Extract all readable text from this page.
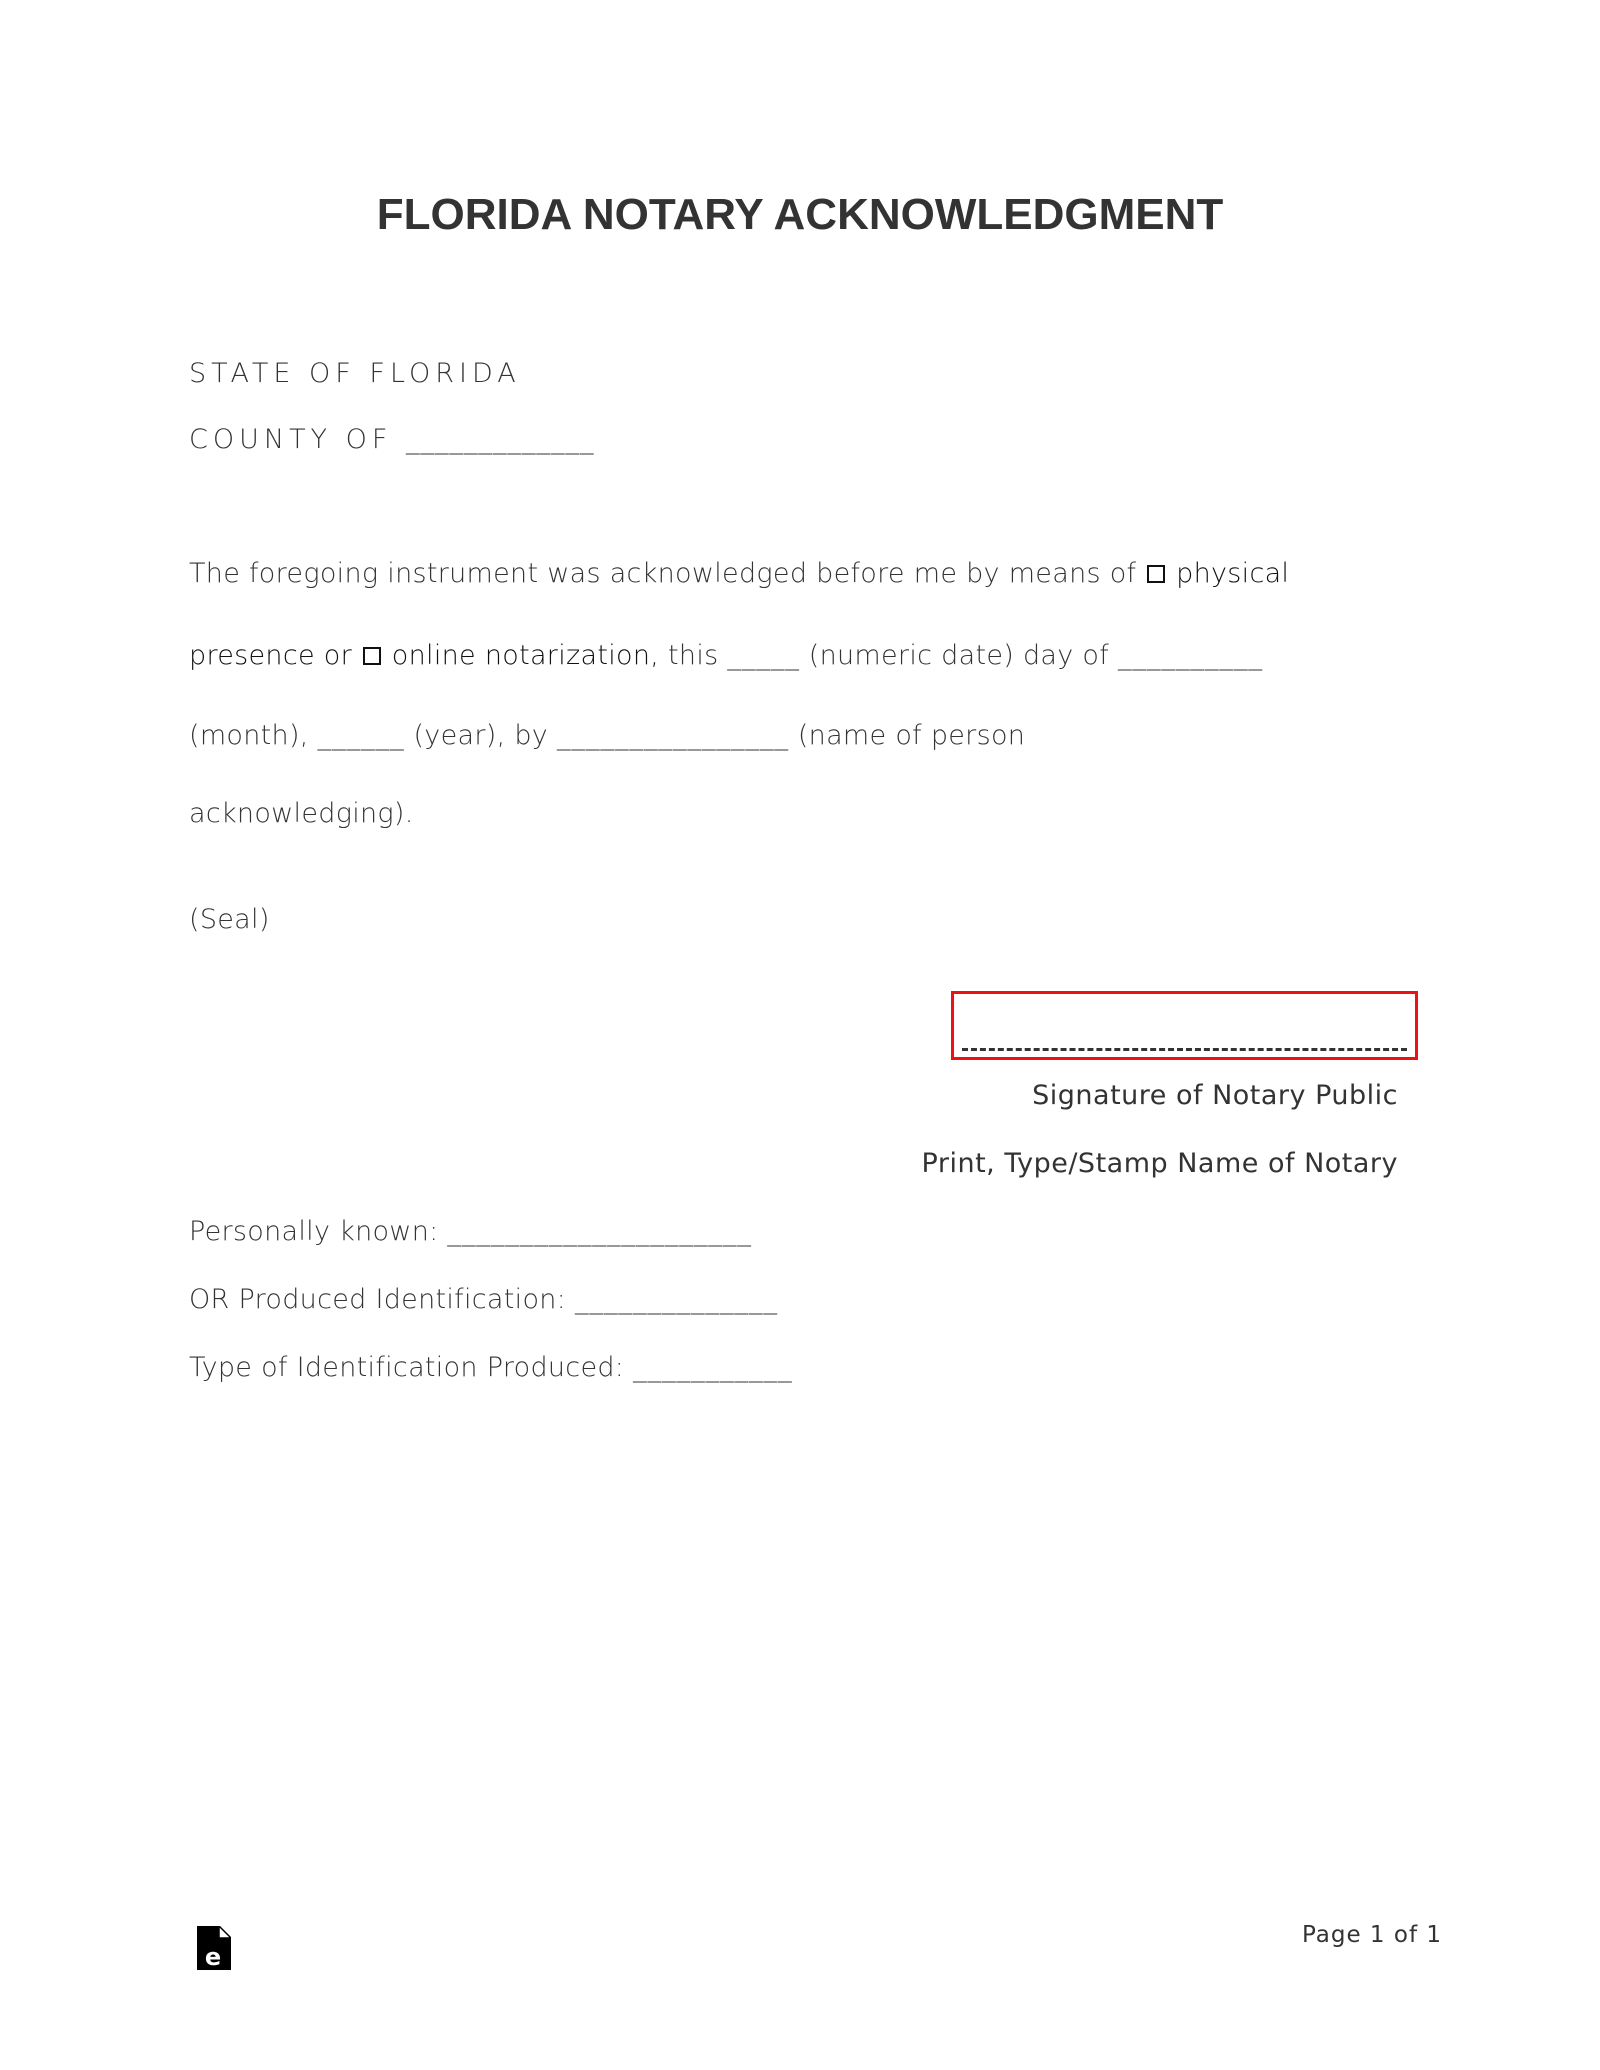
FLORIDA NOTARY ACKNOWLEDGMENT
STATE OF FLORIDA
COUNTY OF _____________
The foregoing instrument was acknowledged before me by means of physical
presence or online notarization, this _____ (numeric date) day of __________
(month), ______ (year), by ________________ (name of person
acknowledging).
(Seal)
Signature of Notary Public
Print, Type/Stamp Name of Notary
Personally known: _____________________
OR Produced Identification: ______________
Type of Identification Produced: ___________
e
Page 1 of 1
